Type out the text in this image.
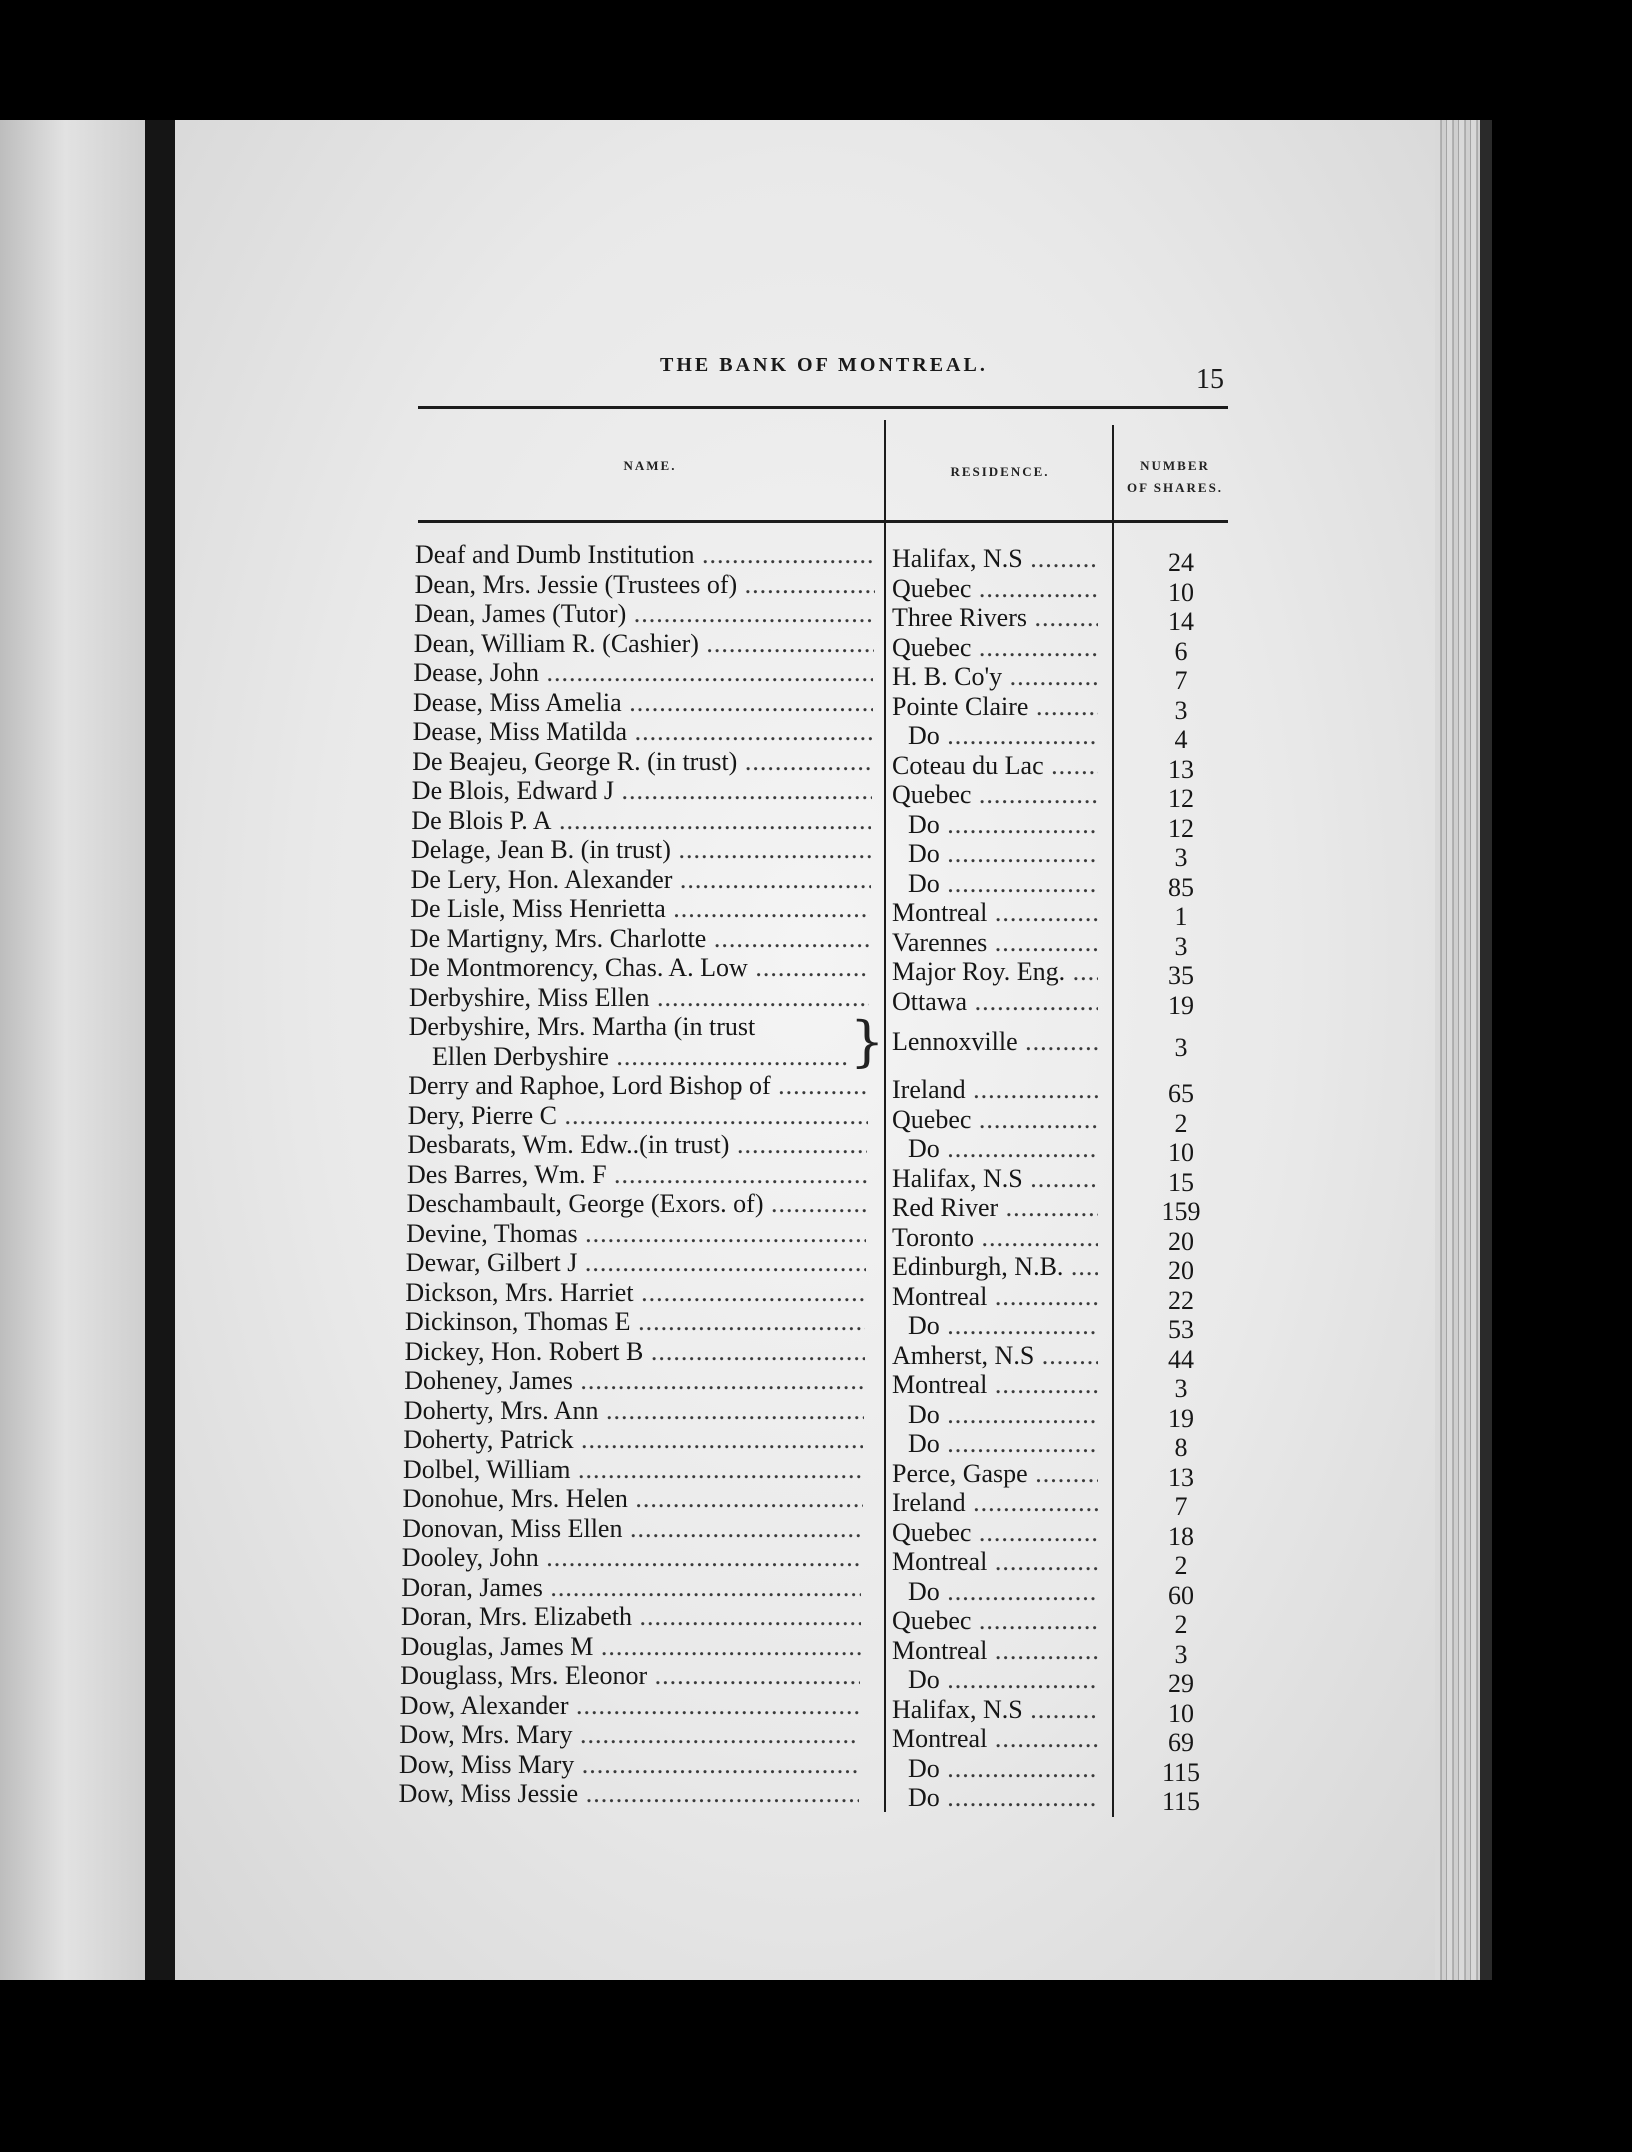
THE BANK OF MONTREAL.	15
NAME.	RESIDENCE.	NUMBER
OF SHARES.
Deaf and Dumb Institution .....	Halifax, N.S .....	24
Dean, Mrs. Jessie (Trustees of) .....	Quebec .....	10
Dean, James (Tutor) .....	Three Rivers .....	14
Dean, William R. (Cashier) .....	Quebec .....	6
Dease, John .....	H. B. Co'y .....	7
Dease, Miss Amelia .....	Pointe Claire .....	3
Dease, Miss Matilda .....	Do .....	4
De Beajeu, George R. (in trust) .....	Coteau du Lac .....	13
De Blois, Edward J .....	Quebec .....	12
De Blois P. A .....	Do .....	12
Delage, Jean B. (in trust) .....	Do .....	3
De Lery, Hon. Alexander .....	Do .....	85
De Lisle, Miss Henrietta .....	Montreal .....	1
De Martigny, Mrs. Charlotte .....	Varennes .....	3
De Montmorency, Chas. A. Low .....	Major Roy. Eng. .....	35
Derbyshire, Miss Ellen .....	Ottawa .....	19
Derbyshire, Mrs. Martha (in trust
Ellen Derbyshire .....	} Lennoxville .....	3
Derry and Raphoe, Lord Bishop of .....	Ireland .....	65
Dery, Pierre C .....	Quebec .....	2
Desbarats, Wm. Edw..(in trust) .....	Do .....	10
Des Barres, Wm. F .....	Halifax, N.S .....	15
Deschambault, George (Exors. of) .....	Red River .....	159
Devine, Thomas .....	Toronto .....	20
Dewar, Gilbert J .....	Edinburgh, N.B. .....	20
Dickson, Mrs. Harriet .....	Montreal .....	22
Dickinson, Thomas E .....	Do .....	53
Dickey, Hon. Robert B .....	Amherst, N.S .....	44
Doheney, James .....	Montreal .....	3
Doherty, Mrs. Ann .....	Do .....	19
Doherty, Patrick .....	Do .....	8
Dolbel, William .....	Perce, Gaspe .....	13
Donohue, Mrs. Helen .....	Ireland .....	7
Donovan, Miss Ellen .....	Quebec .....	18
Dooley, John .....	Montreal .....	2
Doran, James .....	Do .....	60
Doran, Mrs. Elizabeth .....	Quebec .....	2
Douglas, James M .....	Montreal .....	3
Douglass, Mrs. Eleonor .....	Do .....	29
Dow, Alexander .....	Halifax, N.S .....	10
Dow, Mrs. Mary .....	Montreal .....	69
Dow, Miss Mary .....	Do .....	115
Dow, Miss Jessie .....	Do .....	115
